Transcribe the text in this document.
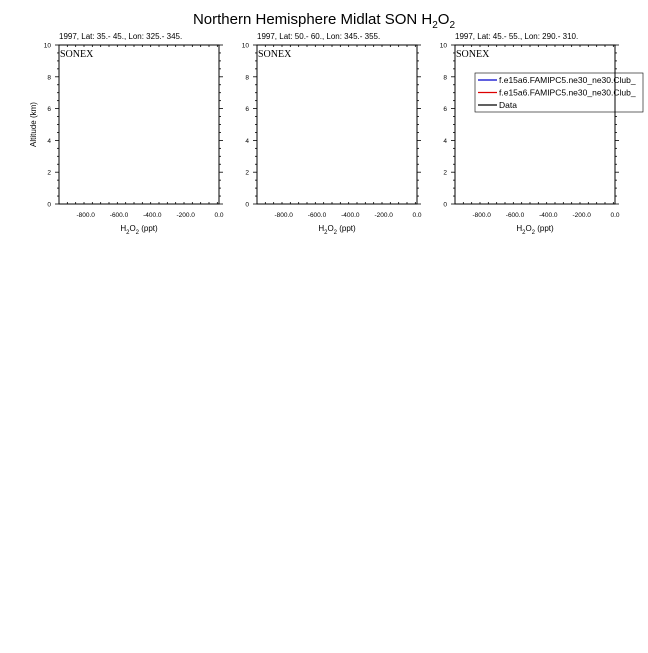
Northern Hemisphere Midlat SON $H_2O_2$
1997, Lat: 35.- 45., Lon: 325.- 345.
-800.0 -600.0 -400.0 -200.0	0.0
0
2
4
6
8
10
SONEX
$H_2O_2$ (ppt)
Altitude (km)
1997, Lat: 50.- 60., Lon: 345.- 355.
-800.0 -600.0 -400.0 -200.0	0.0
0
2
4
6
8
10
SONEX
$H_2O_2$ (ppt)
1997, Lat: 45.- 55., Lon: 290.- 310.
-800.0 -600.0 -400.0 -200.0	0.0
0
2
4
6
8
10
SONEX
$H_2O_2$ (ppt)
f.e15a6.FAMIPC5.ne30_ne30.Club_
f.e15a6.FAMIPC5.ne30_ne30.Club_
Data
